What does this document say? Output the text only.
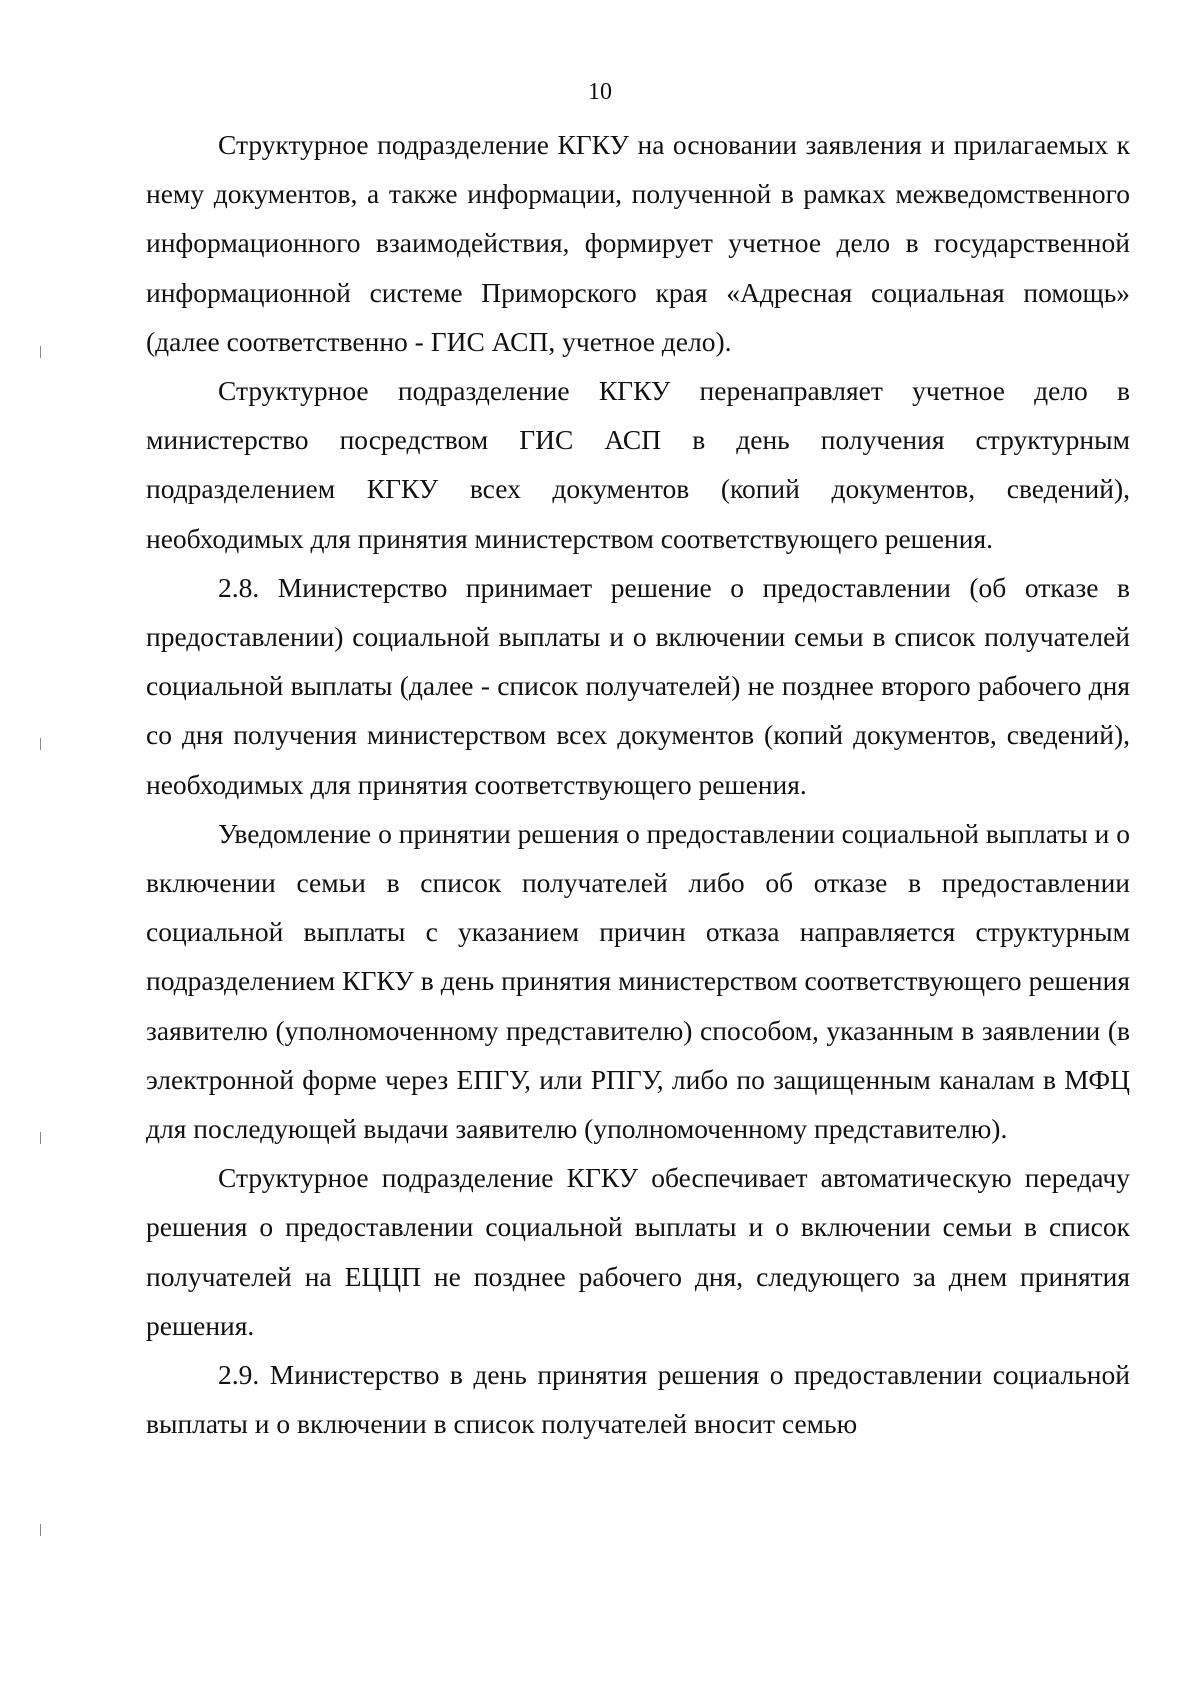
10

Структурное подразделение КГКУ на основании заявления и прилагаемых к нему документов, а также информации, полученной в рамках межведомственного информационного взаимодействия, формирует учетное дело в государственной информационной системе Приморского края «Адресная социальная помощь» (далее соответственно - ГИС АСП, учетное дело).

Структурное подразделение КГКУ перенаправляет учетное дело в министерство посредством ГИС АСП в день получения структурным подразделением КГКУ всех документов (копий документов, сведений), необходимых для принятия министерством соответствующего решения.

2.8. Министерство принимает решение о предоставлении (об отказе в предоставлении) социальной выплаты и о включении семьи в список получателей социальной выплаты (далее - список получателей) не позднее второго рабочего дня со дня получения министерством всех документов (копий документов, сведений), необходимых для принятия соответствующего решения.

Уведомление о принятии решения о предоставлении социальной выплаты и о включении семьи в список получателей либо об отказе в предоставлении социальной выплаты с указанием причин отказа направляется структурным подразделением КГКУ в день принятия министерством соответствующего решения заявителю (уполномоченному представителю) способом, указанным в заявлении (в электронной форме через ЕПГУ, или РПГУ, либо по защищенным каналам в МФЦ для последующей выдачи заявителю (уполномоченному представителю).

Структурное подразделение КГКУ обеспечивает автоматическую передачу решения о предоставлении социальной выплаты и о включении семьи в список получателей на ЕЦЦП не позднее рабочего дня, следующего за днем принятия решения.

2.9. Министерство в день принятия решения о предоставлении социальной выплаты и о включении в список получателей вносит семью
